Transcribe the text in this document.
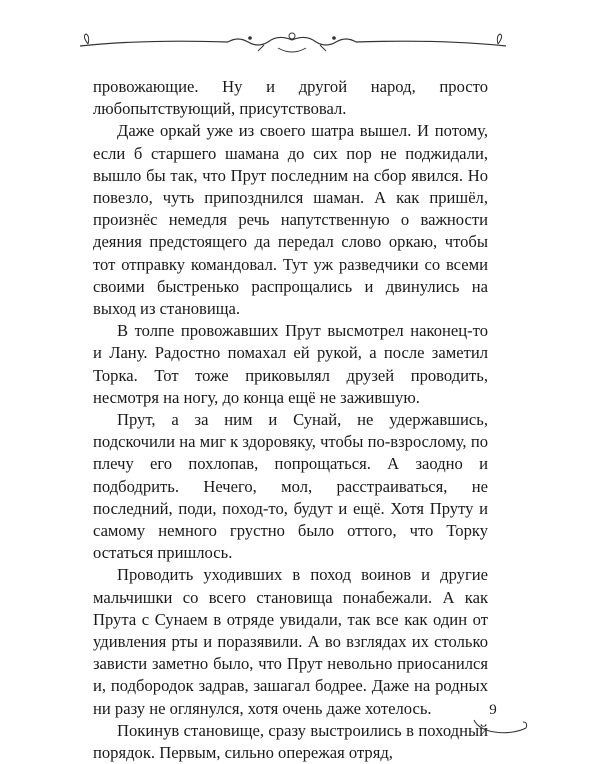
провожающие. Ну и другой народ, просто любопытствующий, присутствовал.

Даже оркай уже из своего шатра вышел. И потому, если б старшего шамана до сих пор не поджидали, вышло бы так, что Прут последним на сбор явился. Но повезло, чуть припозднился шаман. А как пришёл, произнёс немедля речь напутственную о важности деяния предстоящего да передал слово оркаю, чтобы тот отправку командовал. Тут уж разведчики со всеми своими быстренько распрощались и двинулись на выход из становища.

В толпе провожавших Прут высмотрел наконец-то и Лану. Радостно помахал ей рукой, а после заметил Торка. Тот тоже приковылял друзей проводить, несмотря на ногу, до конца ещё не зажившую.

Прут, а за ним и Сунай, не удержавшись, подскочили на миг к здоровяку, чтобы по-взрослому, по плечу его похлопав, попрощаться. А заодно и подбодрить. Нечего, мол, расстраиваться, не последний, поди, поход-то, будут и ещё. Хотя Пруту и самому немного грустно было оттого, что Торку остаться пришлось.

Проводить уходивших в поход воинов и другие мальчишки со всего становища понабежали. А как Прута с Сунаем в отряде увидали, так все как один от удивления рты и поразявили. А во взглядах их столько зависти заметно было, что Прут невольно приосанился и, подбородок задрав, зашагал бодрее. Даже на родных ни разу не оглянулся, хотя очень даже хотелось.

Покинув становище, сразу выстроились в походный порядок. Первым, сильно опережая отряд,

9
